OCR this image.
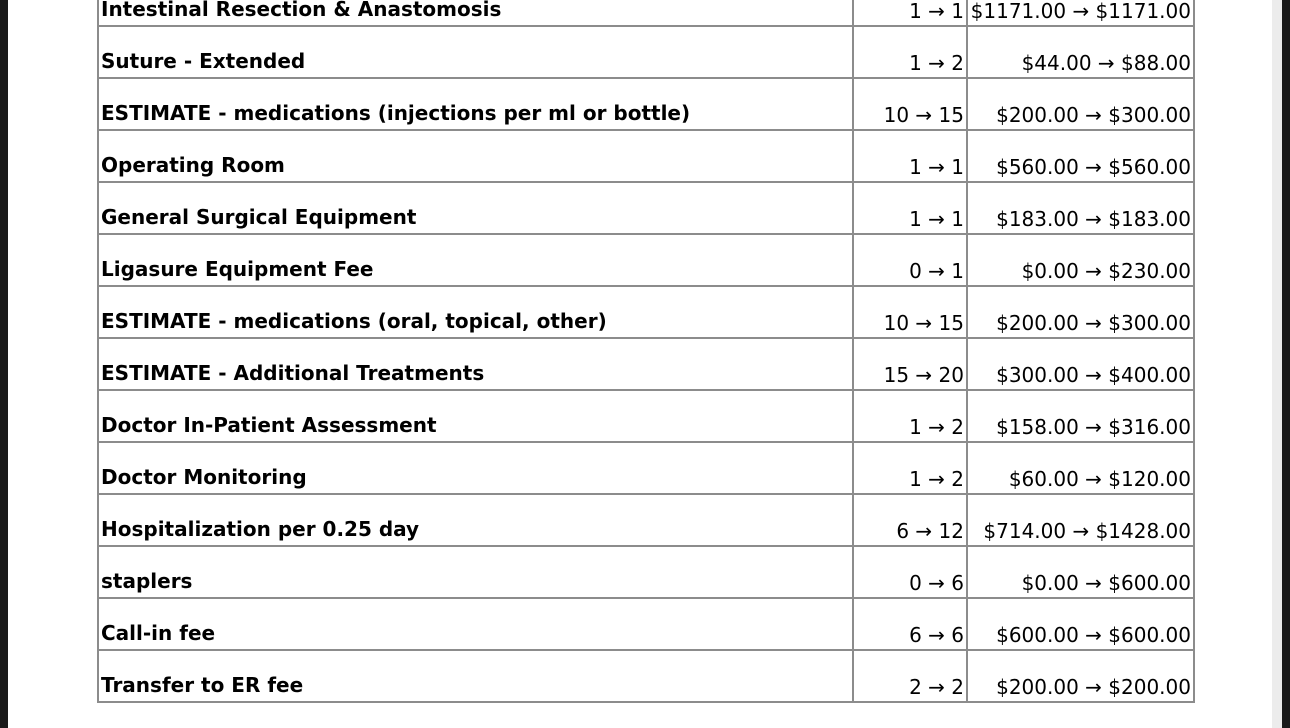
Intestinal Resection & Anastomosis	1 → 1	$1171.00 → $1171.00

Suture - Extended	1 → 2	$44.00 → $88.00

ESTIMATE - medications (injections per ml or bottle)	10 → 15	$200.00 → $300.00

Operating Room	1 → 1	$560.00 → $560.00

General Surgical Equipment	1 → 1	$183.00 → $183.00

Ligasure Equipment Fee	0 → 1	$0.00 → $230.00

ESTIMATE - medications (oral, topical, other)	10 → 15	$200.00 → $300.00

ESTIMATE - Additional Treatments	15 → 20	$300.00 → $400.00

Doctor In-Patient Assessment	1 → 2	$158.00 → $316.00

Doctor Monitoring	1 → 2	$60.00 → $120.00

Hospitalization per 0.25 day	6 → 12	$714.00 → $1428.00

staplers	0 → 6	$0.00 → $600.00

Call-in fee	6 → 6	$600.00 → $600.00

Transfer to ER fee	2 → 2	$200.00 → $200.00
